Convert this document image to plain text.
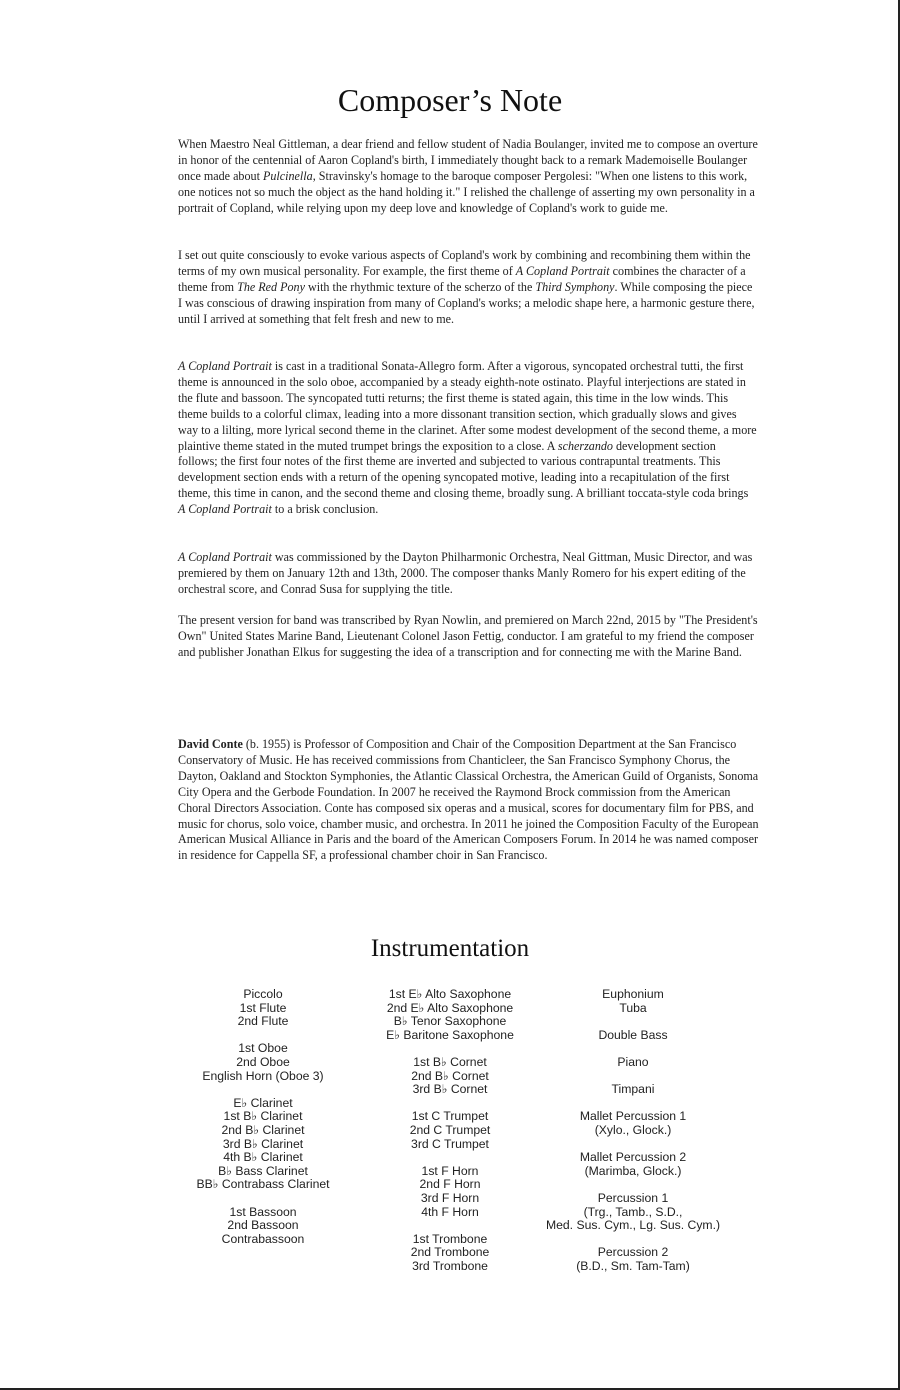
Composer’s Note

When Maestro Neal Gittleman, a dear friend and fellow student of Nadia Boulanger, invited me to compose an overture in honor of the centennial of Aaron Copland's birth, I immediately thought back to a remark Mademoiselle Boulanger once made about Pulcinella, Stravinsky's homage to the baroque composer Pergolesi: "When one listens to this work, one notices not so much the object as the hand holding it." I relished the challenge of asserting my own personality in a portrait of Copland, while relying upon my deep love and knowledge of Copland's work to guide me.

I set out quite consciously to evoke various aspects of Copland's work by combining and recombining them within the terms of my own musical personality. For example, the first theme of A Copland Portrait combines the character of a theme from The Red Pony with the rhythmic texture of the scherzo of the Third Symphony. While composing the piece I was conscious of drawing inspiration from many of Copland's works; a melodic shape here, a harmonic gesture there, until I arrived at something that felt fresh and new to me.

A Copland Portrait is cast in a traditional Sonata-Allegro form. After a vigorous, syncopated orchestral tutti, the first theme is announced in the solo oboe, accompanied by a steady eighth-note ostinato. Playful interjections are stated in the flute and bassoon. The syncopated tutti returns; the first theme is stated again, this time in the low winds. This theme builds to a colorful climax, leading into a more dissonant transition section, which gradually slows and gives way to a lilting, more lyrical second theme in the clarinet. After some modest development of the second theme, a more plaintive theme stated in the muted trumpet brings the exposition to a close. A scherzando development section follows; the first four notes of the first theme are inverted and subjected to various contrapuntal treatments. This development section ends with a return of the opening syncopated motive, leading into a recapitulation of the first theme, this time in canon, and the second theme and closing theme, broadly sung. A brilliant toccata-style coda brings A Copland Portrait to a brisk conclusion.

A Copland Portrait was commissioned by the Dayton Philharmonic Orchestra, Neal Gittman, Music Director, and was premiered by them on January 12th and 13th, 2000. The composer thanks Manly Romero for his expert editing of the orchestral score, and Conrad Susa for supplying the title.

The present version for band was transcribed by Ryan Nowlin, and premiered on March 22nd, 2015 by "The President's Own" United States Marine Band, Lieutenant Colonel Jason Fettig, conductor. I am grateful to my friend the composer and publisher Jonathan Elkus for suggesting the idea of a transcription and for connecting me with the Marine Band.

David Conte (b. 1955) is Professor of Composition and Chair of the Composition Department at the San Francisco Conservatory of Music. He has received commissions from Chanticleer, the San Francisco Symphony Chorus, the Dayton, Oakland and Stockton Symphonies, the Atlantic Classical Orchestra, the American Guild of Organists, Sonoma City Opera and the Gerbode Foundation. In 2007 he received the Raymond Brock commission from the American Choral Directors Association. Conte has composed six operas and a musical, scores for documentary film for PBS, and music for chorus, solo voice, chamber music, and orchestra. In 2011 he joined the Composition Faculty of the European American Musical Alliance in Paris and the board of the American Composers Forum. In 2014 he was named composer in residence for Cappella SF, a professional chamber choir in San Francisco.

Instrumentation
Piccolo
1st Flute
2nd Flute
1st Oboe
2nd Oboe
English Horn (Oboe 3)
E♭ Clarinet
1st B♭ Clarinet
2nd B♭ Clarinet
3rd B♭ Clarinet
4th B♭ Clarinet
B♭ Bass Clarinet
BB♭ Contrabass Clarinet
1st Bassoon
2nd Bassoon
Contrabassoon
1st E♭ Alto Saxophone
2nd E♭ Alto Saxophone
B♭ Tenor Saxophone
E♭ Baritone Saxophone
1st B♭ Cornet
2nd B♭ Cornet
3rd B♭ Cornet
1st C Trumpet
2nd C Trumpet
3rd C Trumpet
1st F Horn
2nd F Horn
3rd F Horn
4th F Horn
1st Trombone
2nd Trombone
3rd Trombone
Euphonium
Tuba
Double Bass
Piano
Timpani
Mallet Percussion 1
(Xylo., Glock.)
Mallet Percussion 2
(Marimba, Glock.)
Percussion 1
(Trg., Tamb., S.D.,
Med. Sus. Cym., Lg. Sus. Cym.)
Percussion 2
(B.D., Sm. Tam-Tam)
